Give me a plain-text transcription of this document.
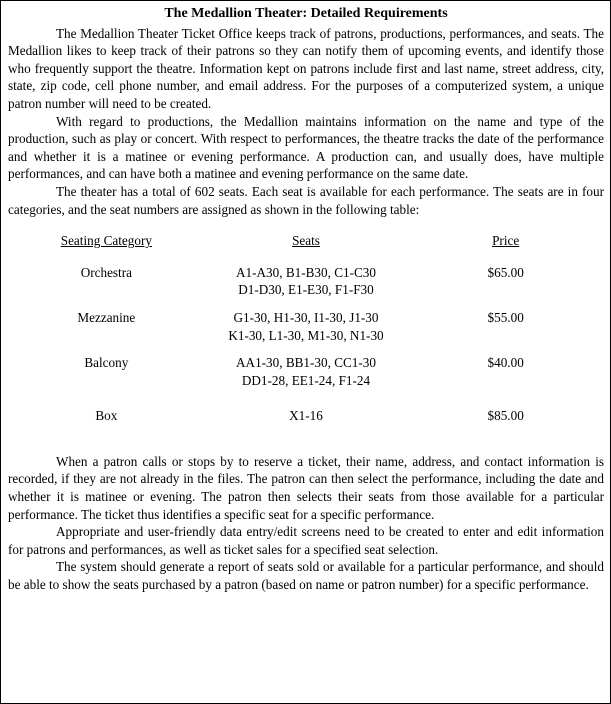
The Medallion Theater: Detailed Requirements

The Medallion Theater Ticket Office keeps track of patrons, productions, performances, and seats. The Medallion likes to keep track of their patrons so they can notify them of upcoming events, and identify those who frequently support the theatre. Information kept on patrons include first and last name, street address, city, state, zip code, cell phone number, and email address. For the purposes of a computerized system, a unique patron number will need to be created.

With regard to productions, the Medallion maintains information on the name and type of the production, such as play or concert. With respect to performances, the theatre tracks the date of the performance and whether it is a matinee or evening performance. A production can, and usually does, have multiple performances, and can have both a matinee and evening performance on the same date.

The theater has a total of 602 seats. Each seat is available for each performance. The seats are in four categories, and the seat numbers are assigned as shown in the following table:

Seating Category	Seats	Price
Orchestra	A1-A30, B1-B30, C1-C30
D1-D30, E1-E30, F1-F30	$65.00
Mezzanine	G1-30, H1-30, I1-30, J1-30
K1-30, L1-30, M1-30, N1-30	$55.00
Balcony	AA1-30, BB1-30, CC1-30
DD1-28, EE1-24, F1-24	$40.00
Box	X1-16	$85.00

When a patron calls or stops by to reserve a ticket, their name, address, and contact information is recorded, if they are not already in the files. The patron can then select the performance, including the date and whether it is matinee or evening. The patron then selects their seats from those available for a particular performance. The ticket thus identifies a specific seat for a specific performance.

Appropriate and user-friendly data entry/edit screens need to be created to enter and edit information for patrons and performances, as well as ticket sales for a specified seat selection.

The system should generate a report of seats sold or available for a particular performance, and should be able to show the seats purchased by a patron (based on name or patron number) for a specific performance.
